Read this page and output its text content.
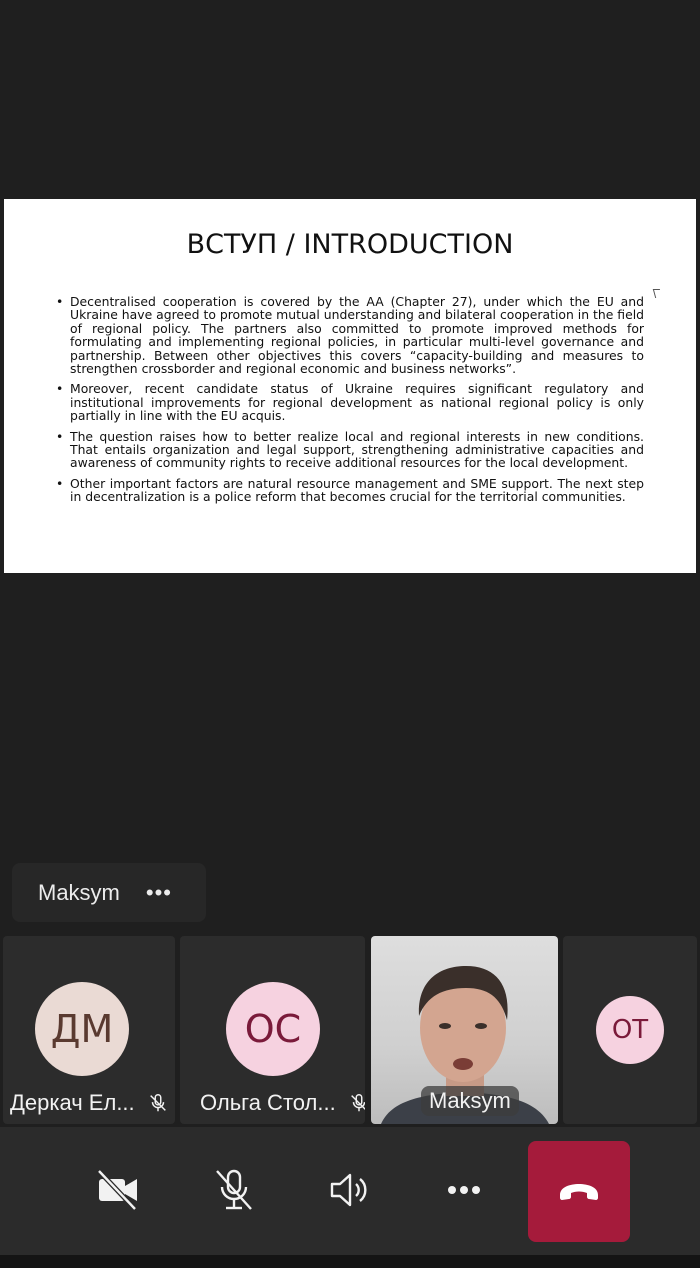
ВСТУП / INTRODUCTION
• Decentralised cooperation is covered by the AA (Chapter 27), under which the EU and Ukraine have agreed to promote mutual understanding and bilateral cooperation in the field of regional policy. The partners also committed to promote improved methods for formulating and implementing regional policies, in particular multi-level governance and partnership. Between other objectives this covers “capacity-building and measures to strengthen crossborder and regional economic and business networks”.
• Moreover, recent candidate status of Ukraine requires significant regulatory and institutional improvements for regional development as national regional policy is only partially in line with the EU acquis.
• The question raises how to better realize local and regional interests in new conditions. That entails organization and legal support, strengthening administrative capacities and awareness of community rights to receive additional resources for the local development.
• Other important factors are natural resource management and SME support. The next step in decentralization is a police reform that becomes crucial for the territorial communities.
Maksym •••
ДМ
Деркач Ел...
ОС
Ольга Стол...	Maksym
ОТ
